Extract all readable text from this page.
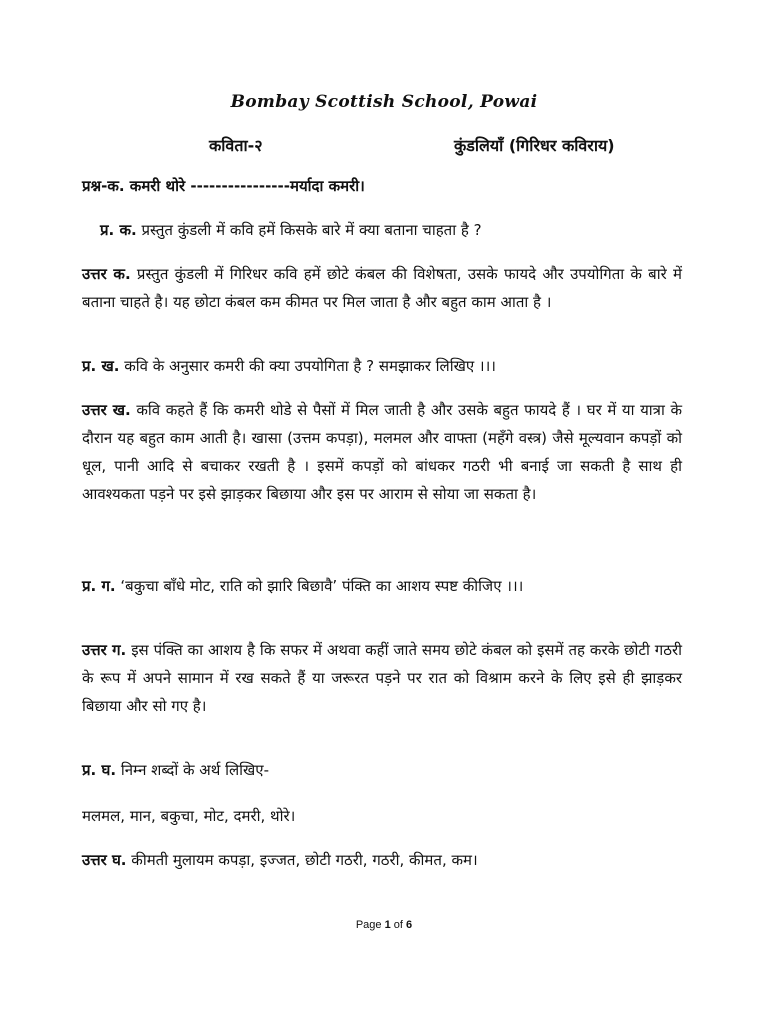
Bombay Scottish School, Powai
कविता-२	कुंडलियाँ (गिरिधर कविराय)
प्रश्न-क. कमरी थोरे ----------------मर्यादा कमरी।
प्र. क. प्रस्तुत कुंडली में कवि हमें किसके बारे में क्या बताना चाहता है ?
उत्तर क. प्रस्तुत कुंडली में गिरिधर कवि हमें छोटे कंबल की विशेषता, उसके फायदे और उपयोगिता के बारे में बताना चाहते है। यह छोटा कंबल कम कीमत पर मिल जाता है और बहुत काम आता है ।
प्र. ख. कवि के अनुसार कमरी की क्या उपयोगिता है ? समझाकर लिखिए ।।।
उत्तर ख. कवि कहते हैं कि कमरी थोडे से पैसों में मिल जाती है और उसके बहुत फायदे हैं । घर में या यात्रा के दौरान यह बहुत काम आती है। खासा (उत्तम कपड़ा), मलमल और वाफ्ता (महँगे वस्त्र) जैसे मूल्यवान कपड़ों को धूल, पानी आदि से बचाकर रखती है । इसमें कपड़ों को बांधकर गठरी भी बनाई जा सकती है साथ ही आवश्यकता पड़ने पर इसे झाड़कर बिछाया और इस पर आराम से सोया जा सकता है।
प्र. ग. ‘बकुचा बाँधे मोट, राति को झारि बिछावै’ पंक्ति का आशय स्पष्ट कीजिए ।।।
उत्तर ग. इस पंक्ति का आशय है कि सफर में अथवा कहीं जाते समय छोटे कंबल को इसमें तह करके छोटी गठरी के रूप में अपने सामान में रख सकते हैं या जरूरत पड़ने पर रात को विश्राम करने के लिए इसे ही झाड़कर बिछाया और सो गए है।
प्र. घ. निम्न शब्दों के अर्थ लिखिए-
मलमल, मान, बकुचा, मोट, दमरी, थोरे।
उत्तर घ. कीमती मुलायम कपड़ा, इज्जत, छोटी गठरी, गठरी, कीमत, कम।
Page 1 of 6
